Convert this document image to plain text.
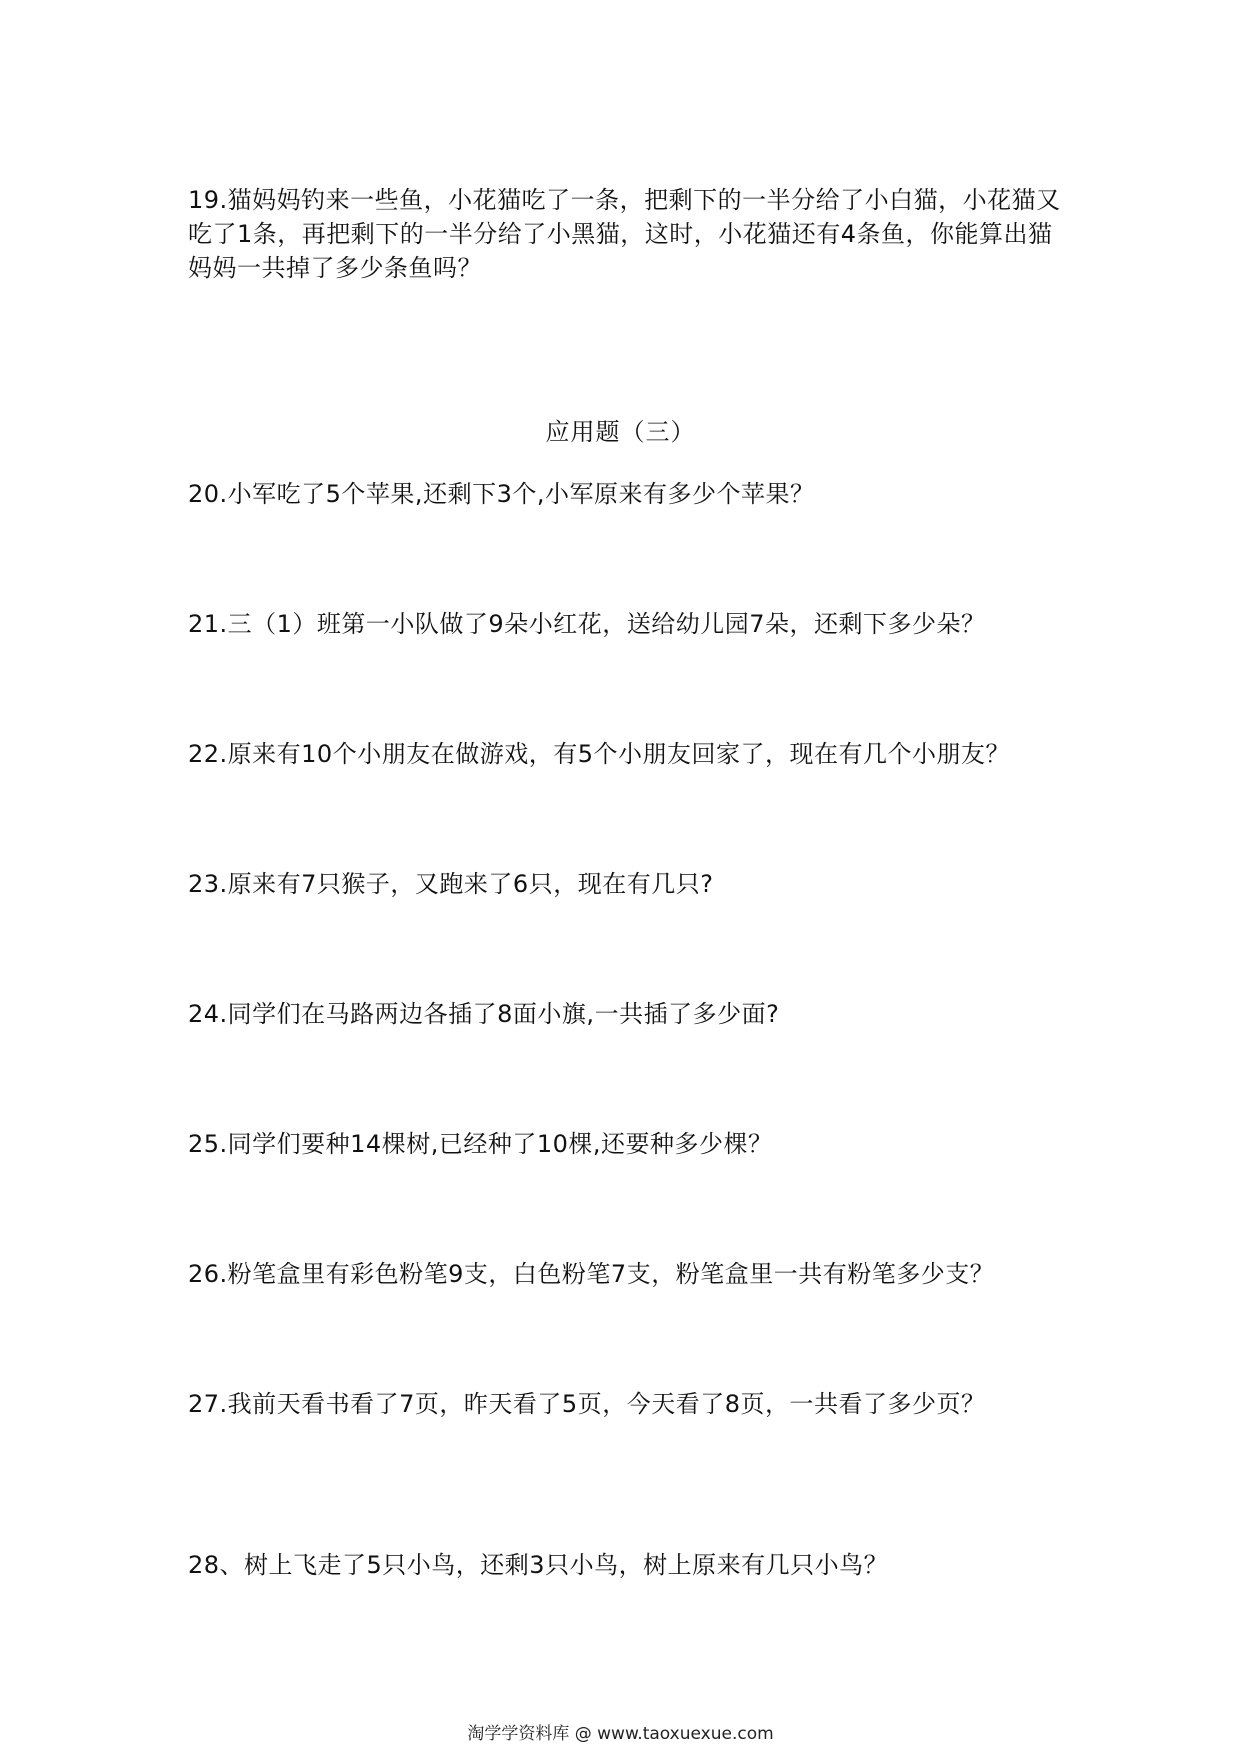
19.猫妈妈钓来一些鱼，小花猫吃了一条，把剩下的一半分给了小白猫，小花猫又吃了1条，再把剩下的一半分给了小黑猫，这时，小花猫还有4条鱼，你能算出猫妈妈一共掉了多少条鱼吗？
应用题（三）
20.小军吃了5个苹果,还剩下3个,小军原来有多少个苹果？
21.三（1）班第一小队做了9朵小红花，送给幼儿园7朵，还剩下多少朵？
22.原来有10个小朋友在做游戏，有5个小朋友回家了，现在有几个小朋友？
23.原来有7只猴子，又跑来了6只，现在有几只?
24.同学们在马路两边各插了8面小旗,一共插了多少面?
25.同学们要种14棵树,已经种了10棵,还要种多少棵？
26.粉笔盒里有彩色粉笔9支，白色粉笔7支，粉笔盒里一共有粉笔多少支？
27.我前天看书看了7页，昨天看了5页，今天看了8页，一共看了多少页？
28、树上飞走了5只小鸟，还剩3只小鸟，树上原来有几只小鸟？
淘学学资料库 @ www.taoxuexue.com
